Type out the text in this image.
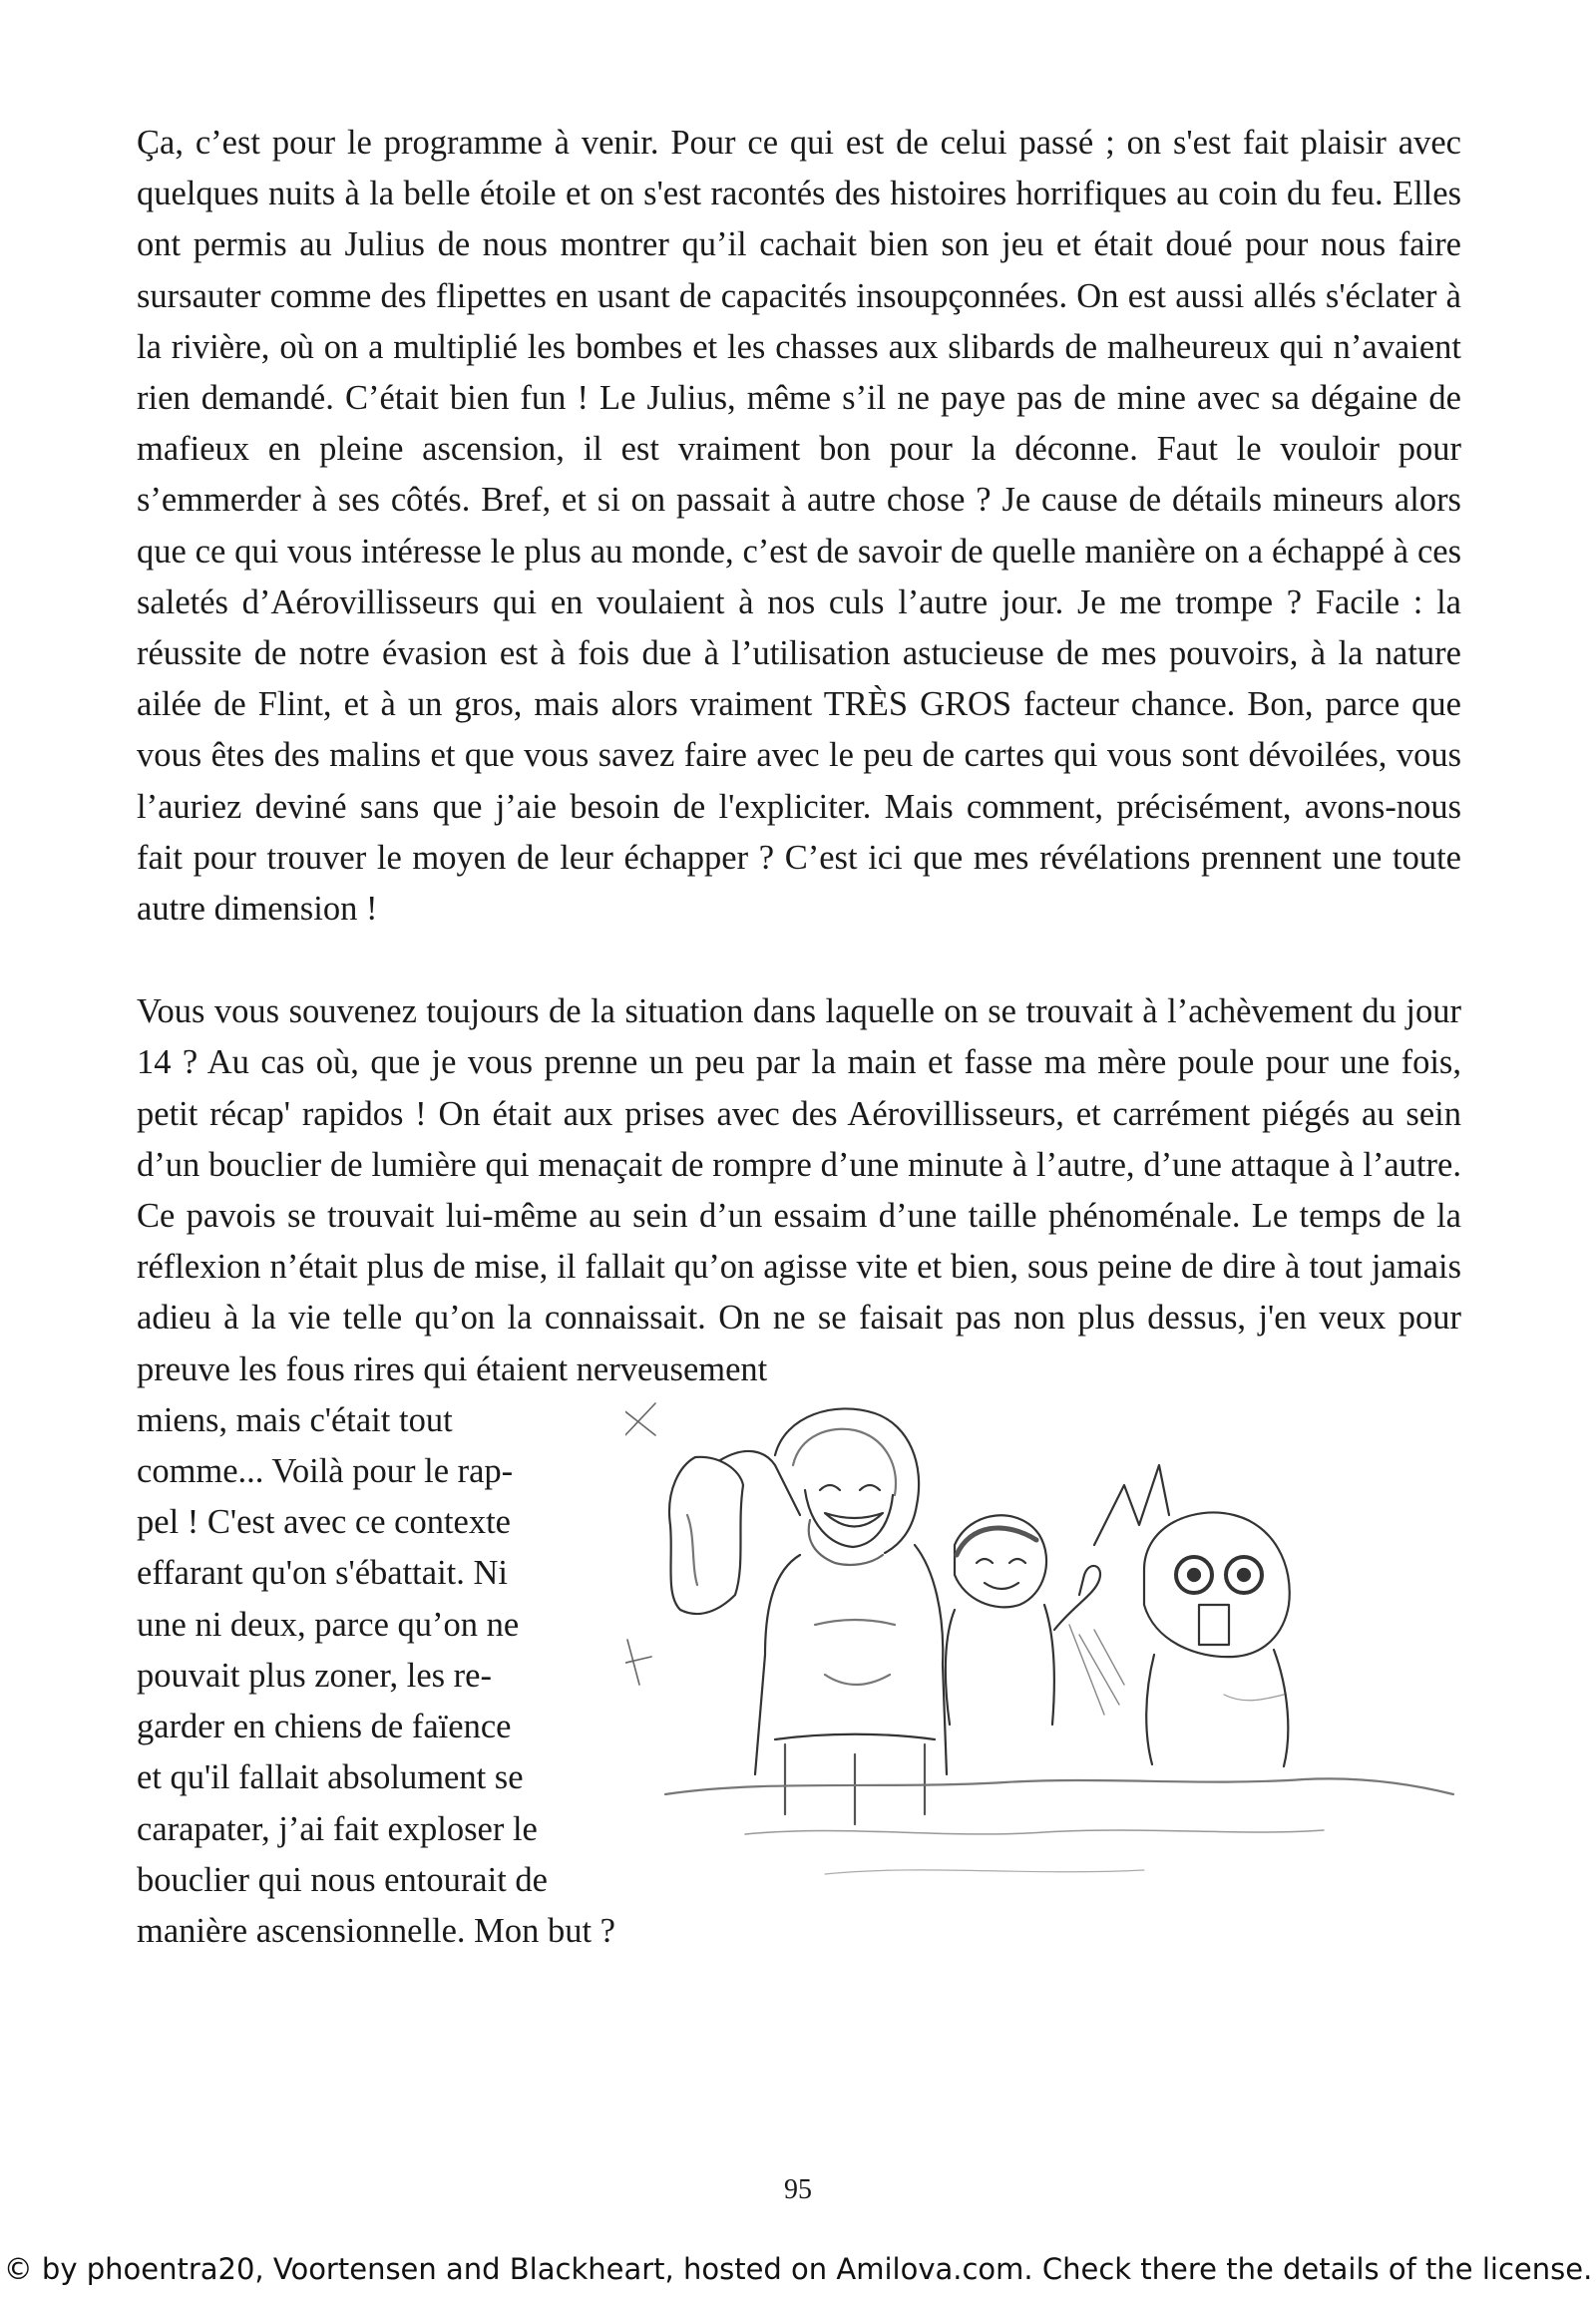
Ça, c’est pour le programme à venir. Pour ce qui est de celui passé ; on s'est fait plaisir avec quelques nuits à la belle étoile et on s'est racontés des histoires horrifiques au coin du feu. Elles ont permis au Julius de nous montrer qu’il cachait bien son jeu et était doué pour nous faire sursauter comme des flipettes en usant de capacités insoupçonnées. On est aussi allés s'éclater à la rivière, où on a multiplié les bombes et les chasses aux slibards de malheureux qui n’avaient rien demandé. C’était bien fun ! Le Julius, même s’il ne paye pas de mine avec sa dégaine de mafieux en pleine ascension, il est vraiment bon pour la déconne. Faut le vouloir pour s’emmerder à ses côtés. Bref, et si on passait à autre chose ? Je cause de détails mineurs alors que ce qui vous intéresse le plus au monde, c’est de savoir de quelle manière on a échappé à ces saletés d’Aérovillisseurs qui en voulaient à nos culs l’autre jour. Je me trompe ? Facile : la réussite de notre évasion est à fois due à l’utilisation astucieuse de mes pouvoirs, à la nature ailée de Flint, et à un gros, mais alors vraiment TRÈS GROS facteur chance. Bon, parce que vous êtes des malins et que vous savez faire avec le peu de cartes qui vous sont dévoilées, vous l’auriez deviné sans que j’aie besoin de l'expliciter. Mais comment, précisément, avons-nous fait pour trouver le moyen de leur échapper ? C’est ici que mes révélations prennent une toute autre dimension !

Vous vous souvenez toujours de la situation dans laquelle on se trouvait à l’achèvement du jour 14 ? Au cas où, que je vous prenne un peu par la main et fasse ma mère poule pour une fois, petit récap' rapidos ! On était aux prises avec des Aérovillisseurs, et carrément piégés au sein d’un bouclier de lumière qui menaçait de rompre d’une minute à l’autre, d’une attaque à l’autre. Ce pavois se trouvait lui-même au sein d’un essaim d’une taille phénoménale. Le temps de la réflexion n’était plus de mise, il fallait qu’on agisse vite et bien, sous peine de dire à tout jamais adieu à la vie telle qu’on la connaissait. On ne se faisait pas non plus dessus, j'en veux pour preuve les fous rires qui étaient nerveusement

miens, mais c'était tout
comme... Voilà pour le rap-
pel ! C'est avec ce contexte
effarant qu'on s'ébattait. Ni
une ni deux, parce qu’on ne
pouvait plus zoner, les re-
garder en chiens de faïence
et qu'il fallait absolument se
carapater, j’ai fait exploser le
bouclier qui nous entourait de
manière ascensionnelle. Mon but ?
95
© by phoentra20, Voortensen and Blackheart, hosted on Amilova.com. Check there the details of the license.
